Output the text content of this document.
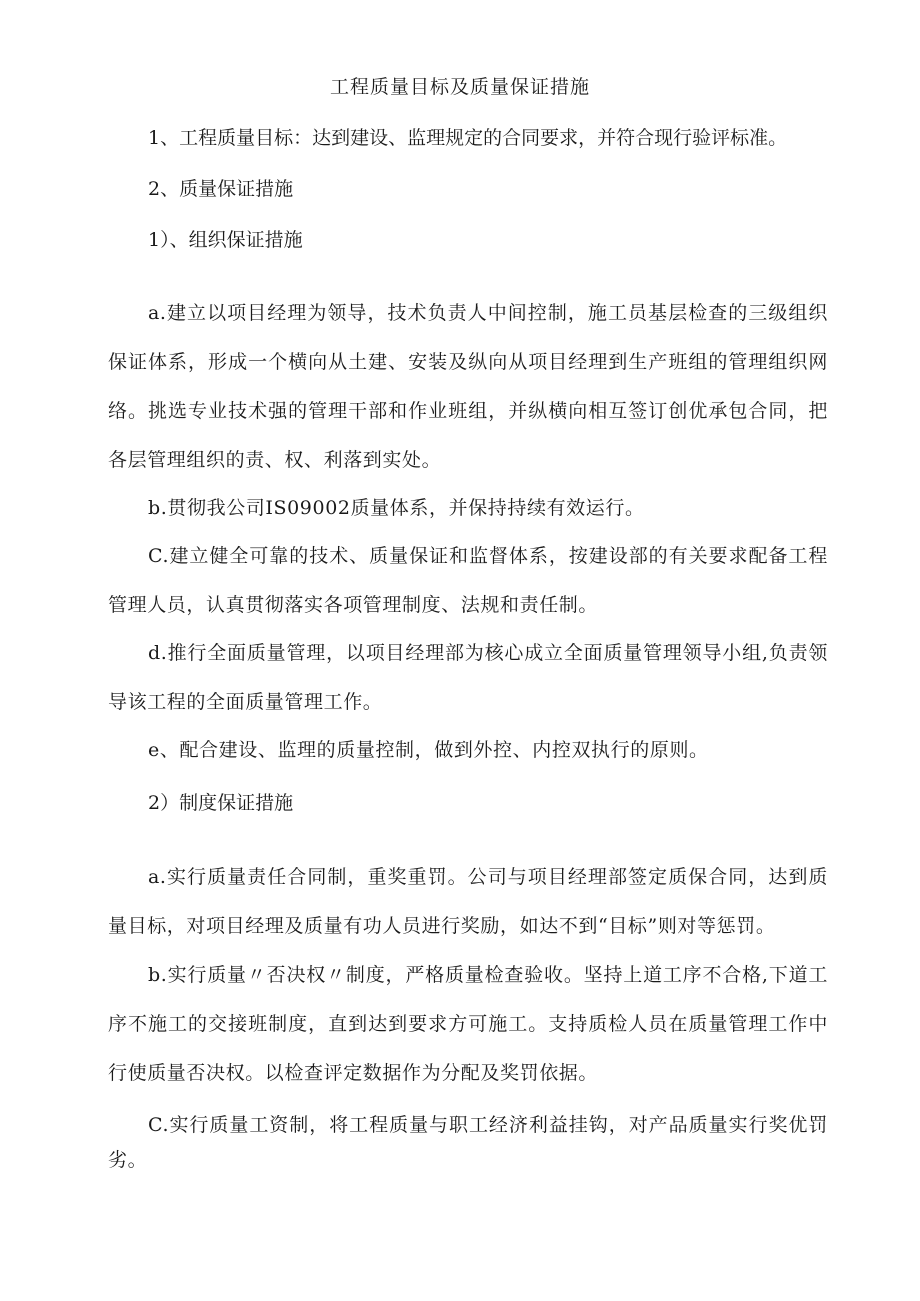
工程质量目标及质量保证措施
1、工程质量目标：达到建设、监理规定的合同要求，并符合现行验评标准。
2、质量保证措施
1）、组织保证措施
a.建立以项目经理为领导，技术负责人中间控制，施工员基层检查的三级组织保证体系，形成一个横向从土建、安装及纵向从项目经理到生产班组的管理组织网络。挑选专业技术强的管理干部和作业班组，并纵横向相互签订创优承包合同，把各层管理组织的责、权、利落到实处。
b.贯彻我公司IS09002质量体系，并保持持续有效运行。
C.建立健全可靠的技术、质量保证和监督体系，按建设部的有关要求配备工程管理人员，认真贯彻落实各项管理制度、法规和责任制。
d.推行全面质量管理，以项目经理部为核心成立全面质量管理领导小组,负责领导该工程的全面质量管理工作。
e、配合建设、监理的质量控制，做到外控、内控双执行的原则。
2）制度保证措施
a.实行质量责任合同制，重奖重罚。公司与项目经理部签定质保合同，达到质量目标，对项目经理及质量有功人员进行奖励，如达不到“目标”则对等惩罚。
b.实行质量〃否决权〃制度，严格质量检查验收。坚持上道工序不合格,下道工序不施工的交接班制度，直到达到要求方可施工。支持质检人员在质量管理工作中行使质量否决权。以检查评定数据作为分配及奖罚依据。
C.实行质量工资制，将工程质量与职工经济利益挂钩，对产品质量实行奖优罚劣。
